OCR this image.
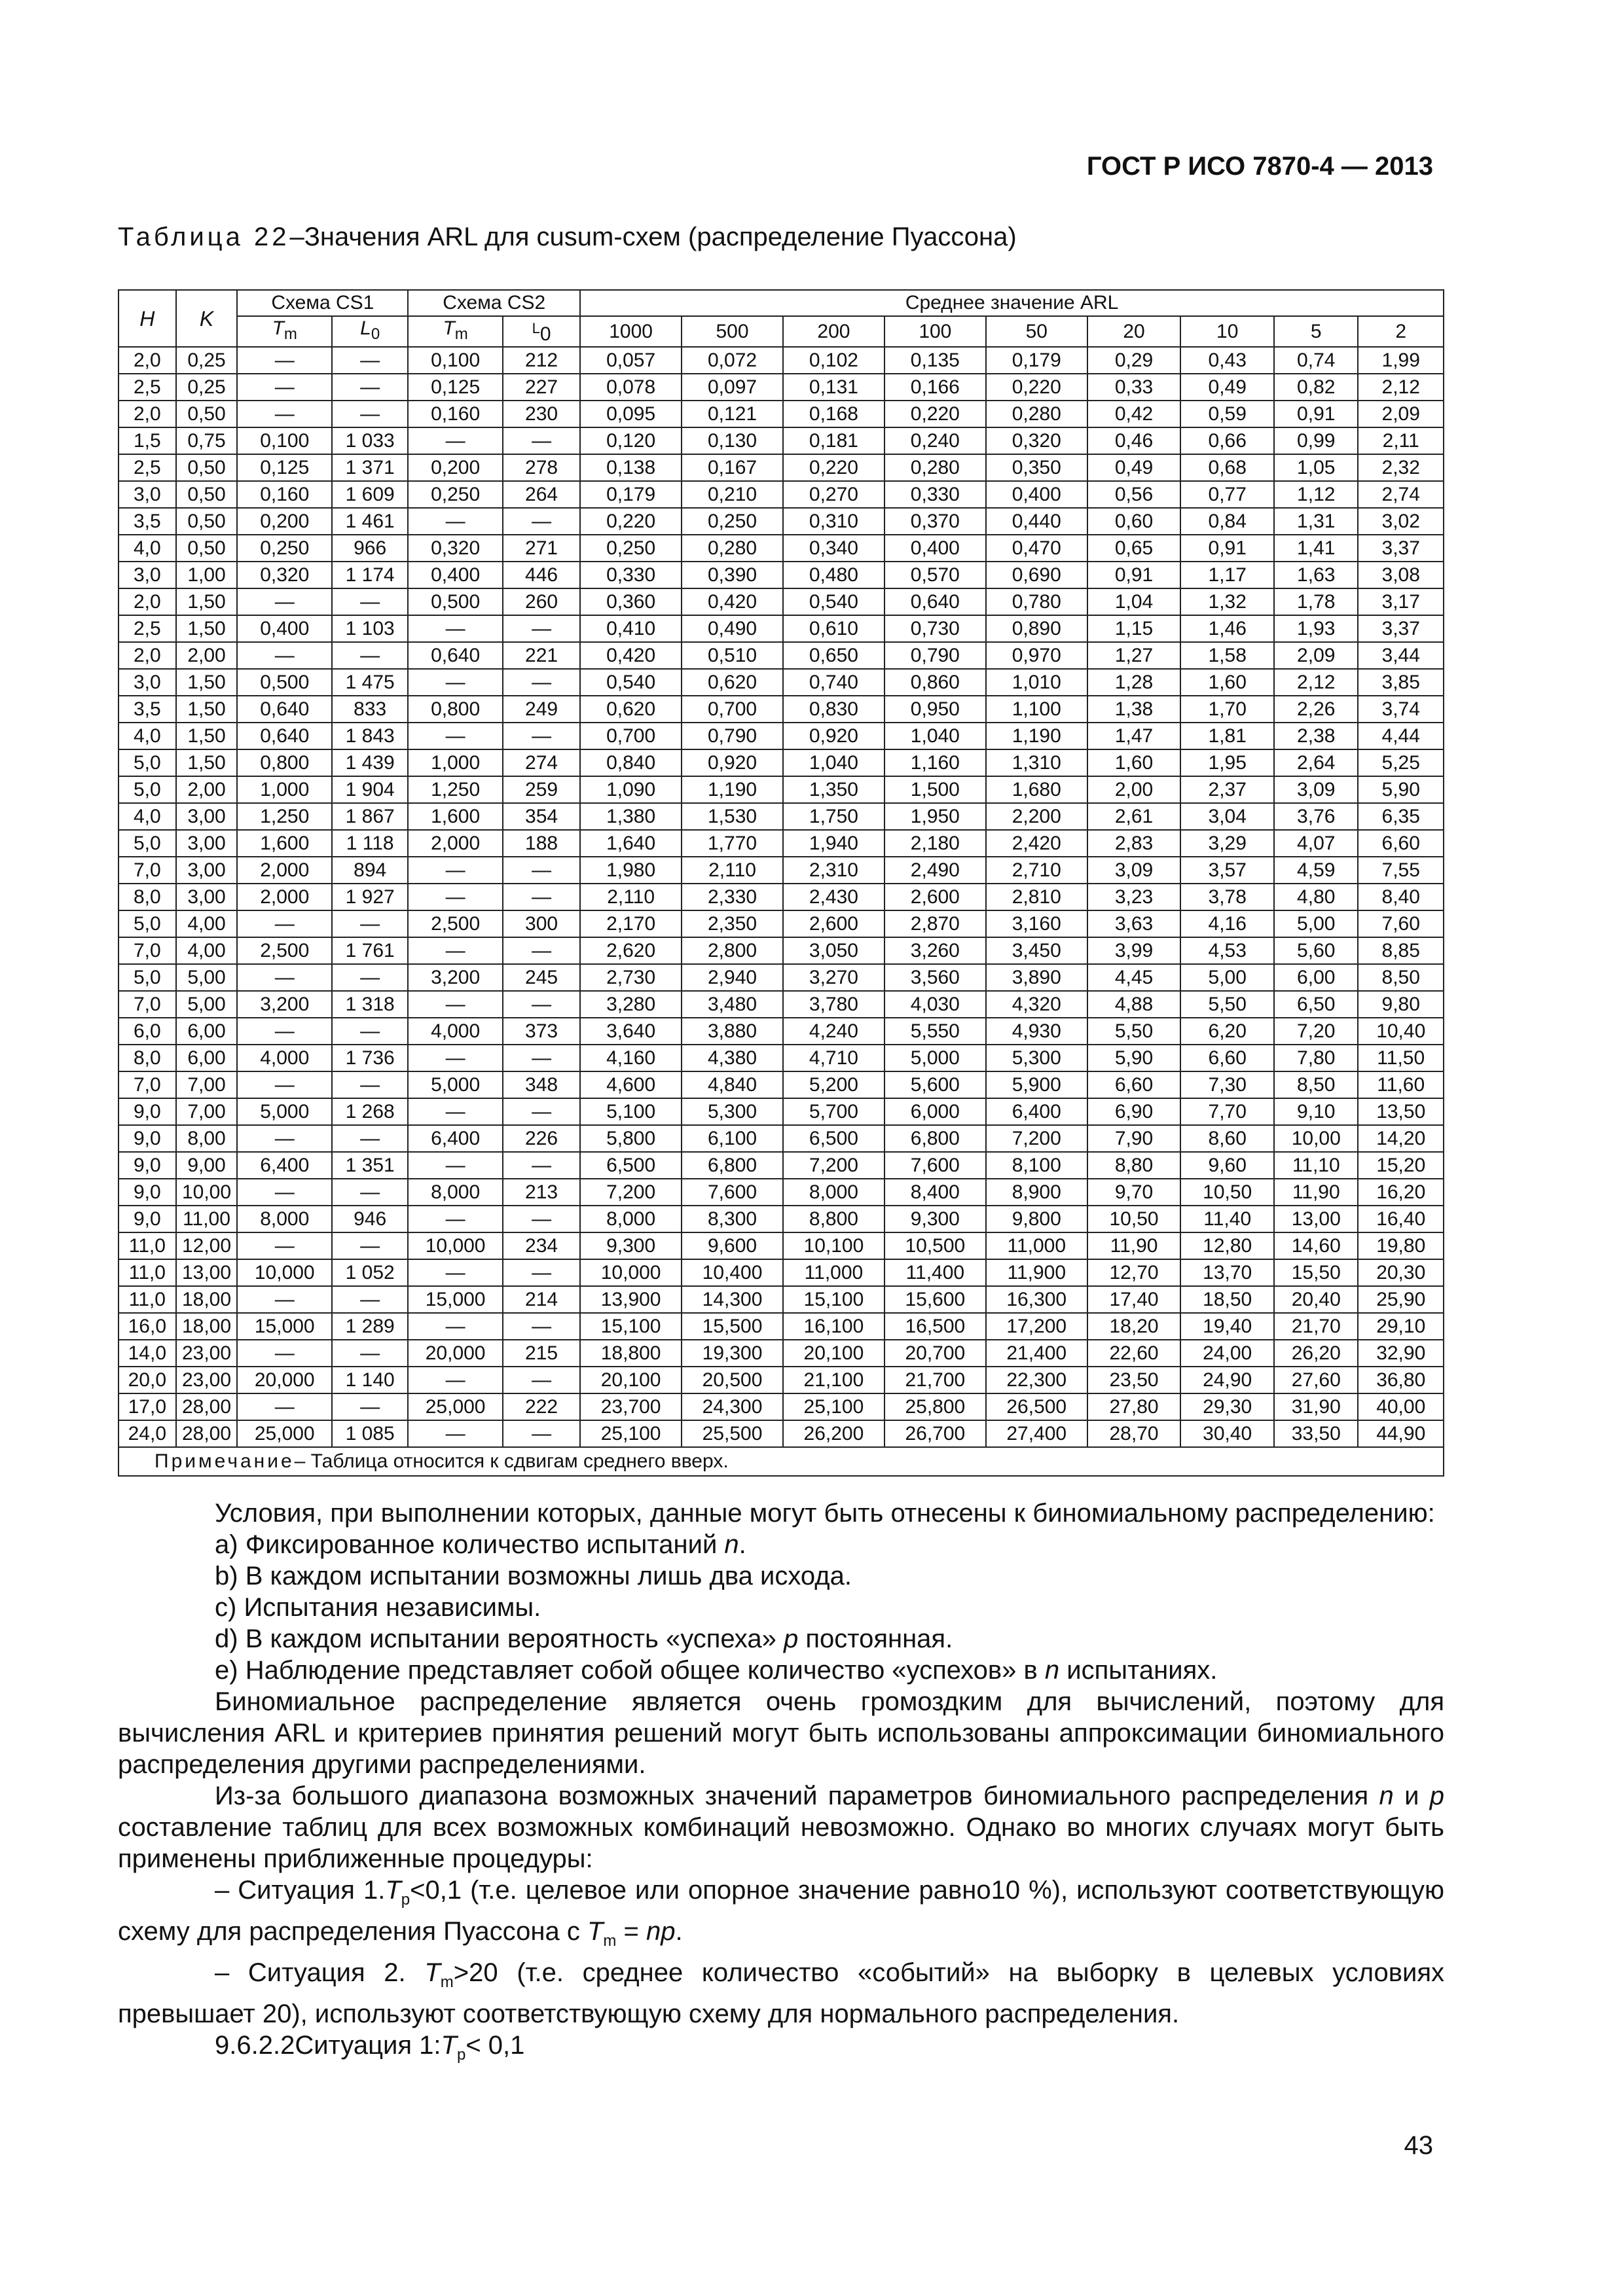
ГОСТ Р ИСО 7870-4 — 2013
Таблица 22–Значения ARL для cusum-схем (распределение Пуассона)
H	K	Схема CS1		Схема CS2		Среднее значение ARL								
		$T_m$	$L_0$	$T_m$	$^L$0	1000	500	200	100	50	20	10	5	2
2,0	0,25	—	—	0,100	212	0,057	0,072	0,102	0,135	0,179	0,29	0,43	0,74	1,99
2,5	0,25	—	—	0,125	227	0,078	0,097	0,131	0,166	0,220	0,33	0,49	0,82	2,12
2,0	0,50	—	—	0,160	230	0,095	0,121	0,168	0,220	0,280	0,42	0,59	0,91	2,09
1,5	0,75	0,100	1 033	—	—	0,120	0,130	0,181	0,240	0,320	0,46	0,66	0,99	2,11
2,5	0,50	0,125	1 371	0,200	278	0,138	0,167	0,220	0,280	0,350	0,49	0,68	1,05	2,32
3,0	0,50	0,160	1 609	0,250	264	0,179	0,210	0,270	0,330	0,400	0,56	0,77	1,12	2,74
3,5	0,50	0,200	1 461	—	—	0,220	0,250	0,310	0,370	0,440	0,60	0,84	1,31	3,02
4,0	0,50	0,250	966	0,320	271	0,250	0,280	0,340	0,400	0,470	0,65	0,91	1,41	3,37
3,0	1,00	0,320	1 174	0,400	446	0,330	0,390	0,480	0,570	0,690	0,91	1,17	1,63	3,08
2,0	1,50	—	—	0,500	260	0,360	0,420	0,540	0,640	0,780	1,04	1,32	1,78	3,17
2,5	1,50	0,400	1 103	—	—	0,410	0,490	0,610	0,730	0,890	1,15	1,46	1,93	3,37
2,0	2,00	—	—	0,640	221	0,420	0,510	0,650	0,790	0,970	1,27	1,58	2,09	3,44
3,0	1,50	0,500	1 475	—	—	0,540	0,620	0,740	0,860	1,010	1,28	1,60	2,12	3,85
3,5	1,50	0,640	833	0,800	249	0,620	0,700	0,830	0,950	1,100	1,38	1,70	2,26	3,74
4,0	1,50	0,640	1 843	—	—	0,700	0,790	0,920	1,040	1,190	1,47	1,81	2,38	4,44
5,0	1,50	0,800	1 439	1,000	274	0,840	0,920	1,040	1,160	1,310	1,60	1,95	2,64	5,25
5,0	2,00	1,000	1 904	1,250	259	1,090	1,190	1,350	1,500	1,680	2,00	2,37	3,09	5,90
4,0	3,00	1,250	1 867	1,600	354	1,380	1,530	1,750	1,950	2,200	2,61	3,04	3,76	6,35
5,0	3,00	1,600	1 118	2,000	188	1,640	1,770	1,940	2,180	2,420	2,83	3,29	4,07	6,60
7,0	3,00	2,000	894	—	—	1,980	2,110	2,310	2,490	2,710	3,09	3,57	4,59	7,55
8,0	3,00	2,000	1 927	—	—	2,110	2,330	2,430	2,600	2,810	3,23	3,78	4,80	8,40
5,0	4,00	—	—	2,500	300	2,170	2,350	2,600	2,870	3,160	3,63	4,16	5,00	7,60
7,0	4,00	2,500	1 761	—	—	2,620	2,800	3,050	3,260	3,450	3,99	4,53	5,60	8,85
5,0	5,00	—	—	3,200	245	2,730	2,940	3,270	3,560	3,890	4,45	5,00	6,00	8,50
7,0	5,00	3,200	1 318	—	—	3,280	3,480	3,780	4,030	4,320	4,88	5,50	6,50	9,80
6,0	6,00	—	—	4,000	373	3,640	3,880	4,240	5,550	4,930	5,50	6,20	7,20	10,40
8,0	6,00	4,000	1 736	—	—	4,160	4,380	4,710	5,000	5,300	5,90	6,60	7,80	11,50
7,0	7,00	—	—	5,000	348	4,600	4,840	5,200	5,600	5,900	6,60	7,30	8,50	11,60
9,0	7,00	5,000	1 268	—	—	5,100	5,300	5,700	6,000	6,400	6,90	7,70	9,10	13,50
9,0	8,00	—	—	6,400	226	5,800	6,100	6,500	6,800	7,200	7,90	8,60	10,00	14,20
9,0	9,00	6,400	1 351	—	—	6,500	6,800	7,200	7,600	8,100	8,80	9,60	11,10	15,20
9,0	10,00	—	—	8,000	213	7,200	7,600	8,000	8,400	8,900	9,70	10,50	11,90	16,20
9,0	11,00	8,000	946	—	—	8,000	8,300	8,800	9,300	9,800	10,50	11,40	13,00	16,40
11,0	12,00	—	—	10,000	234	9,300	9,600	10,100	10,500	11,000	11,90	12,80	14,60	19,80
11,0	13,00	10,000	1 052	—	—	10,000	10,400	11,000	11,400	11,900	12,70	13,70	15,50	20,30
11,0	18,00	—	—	15,000	214	13,900	14,300	15,100	15,600	16,300	17,40	18,50	20,40	25,90
16,0	18,00	15,000	1 289	—	—	15,100	15,500	16,100	16,500	17,200	18,20	19,40	21,70	29,10
14,0	23,00	—	—	20,000	215	18,800	19,300	20,100	20,700	21,400	22,60	24,00	26,20	32,90
20,0	23,00	20,000	1 140	—	—	20,100	20,500	21,100	21,700	22,300	23,50	24,90	27,60	36,80
17,0	28,00	—	—	25,000	222	23,700	24,300	25,100	25,800	26,500	27,80	29,30	31,90	40,00
24,0	28,00	25,000	1 085	—	—	25,100	25,500	26,200	26,700	27,400	28,70	30,40	33,50	44,90
Примечание– Таблица относится к сдвигам среднего вверх.														

Условия, при выполнении которых, данные могут быть отнесены к биномиальному распределению:

a) Фиксированное количество испытаний n.

b) В каждом испытании возможны лишь два исхода.

c) Испытания независимы.

d) В каждом испытании вероятность «успеха» p постоянная.

e) Наблюдение представляет собой общее количество «успехов» в n испытаниях.

Биномиальное распределение является очень громоздким для вычислений, поэтому для вычисления ARL и критериев принятия решений могут быть использованы аппроксимации биномиального распределения другими распределениями.

Из-за большого диапазона возможных значений параметров биномиального распределения n и p составление таблиц для всех возможных комбинаций невозможно. Однако во многих случаях могут быть применены приближенные процедуры:

– Ситуация $1.T_p<0,1$ (т.е. целевое или опорное значение равно10 %), используют соответствующую схему для распределения Пуассона с $T_m$ = np.

– Ситуация 2. $T_m>20$ (т.е. среднее количество «событий» на выборку в целевых условиях превышает 20), используют соответствующую схему для нормального распределения.

9.6.2.2Ситуация $1:T_p< 0,1$

43
